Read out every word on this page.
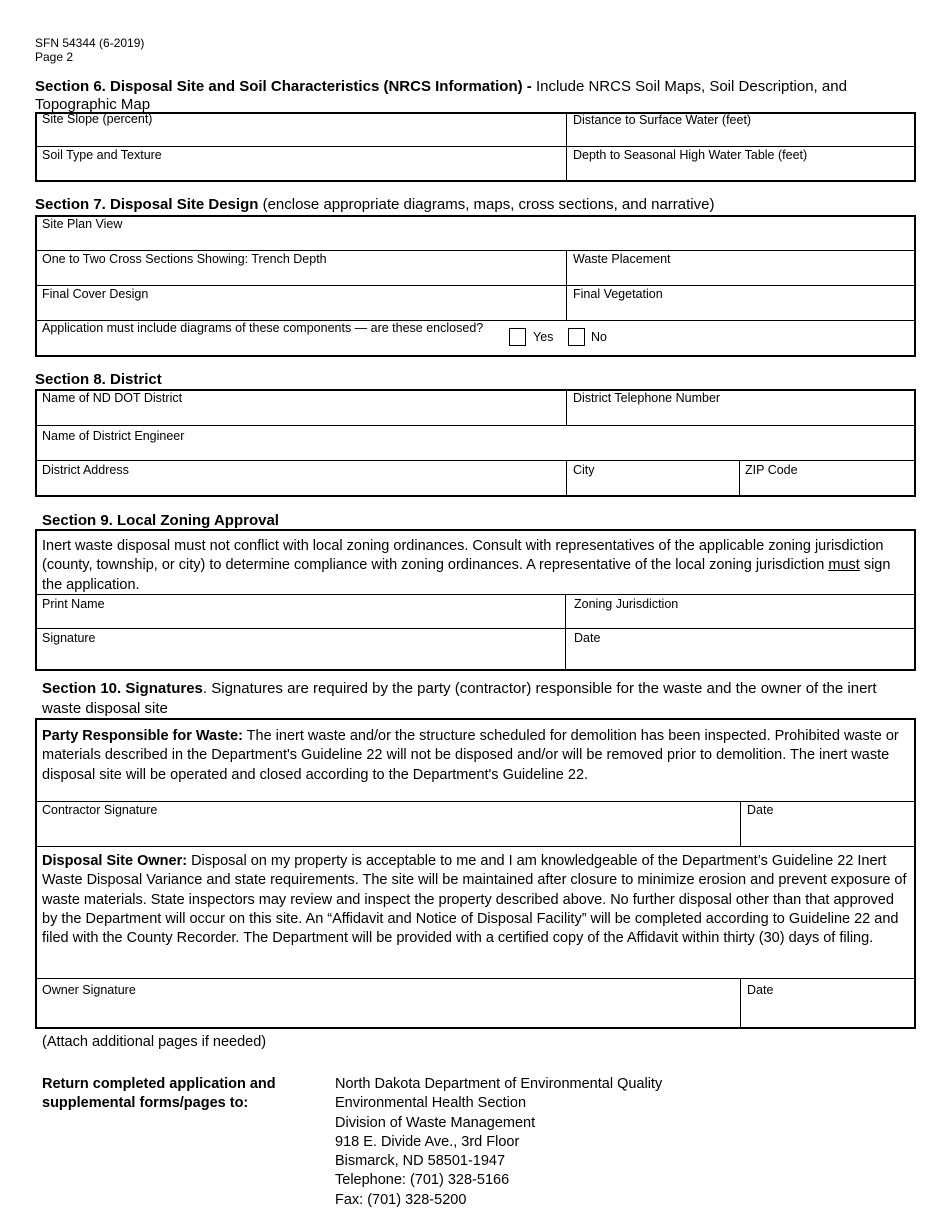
SFN 54344 (6-2019)
Page 2
Section 6. Disposal Site and Soil Characteristics (NRCS Information) - Include NRCS Soil Maps, Soil Description, and Topographic Map
Site Slope (percent)	Distance to Surface Water (feet)
Soil Type and Texture	Depth to Seasonal High Water Table (feet)
Section 7. Disposal Site Design (enclose appropriate diagrams, maps, cross sections, and narrative)
Site Plan View
One to Two Cross Sections Showing: Trench Depth	Waste Placement
Final Cover Design	Final Vegetation
Application must include diagrams of these components — are these enclosed?
Yes	No
Section 8. District
Name of ND DOT District	District Telephone Number
Name of District Engineer
District Address	City	ZIP Code
Section 9. Local Zoning Approval
Inert waste disposal must not conflict with local zoning ordinances. Consult with representatives of the applicable zoning jurisdiction (county, township, or city) to determine compliance with zoning ordinances. A representative of the local zoning jurisdiction must sign the application.
Print Name	Zoning Jurisdiction
Signature	Date
Section 10. Signatures. Signatures are required by the party (contractor) responsible for the waste and the owner of the inert waste disposal site
Party Responsible for Waste: The inert waste and/or the structure scheduled for demolition has been inspected. Prohibited waste or materials described in the Department's Guideline 22 will not be disposed and/or will be removed prior to demolition. The inert waste disposal site will be operated and closed according to the Department's Guideline 22.
Contractor Signature	Date
Disposal Site Owner: Disposal on my property is acceptable to me and I am knowledgeable of the Department’s Guideline 22 Inert Waste Disposal Variance and state requirements. The site will be maintained after closure to minimize erosion and prevent exposure of waste materials. State inspectors may review and inspect the property described above. No further disposal other than that approved by the Department will occur on this site. An “Affidavit and Notice of Disposal Facility” will be completed according to Guideline 22 and filed with the County Recorder. The Department will be provided with a certified copy of the Affidavit within thirty (30) days of filing.
Owner Signature	Date
(Attach additional pages if needed)
Return completed application and
supplemental forms/pages to:
North Dakota Department of Environmental Quality
Environmental Health Section
Division of Waste Management
918 E. Divide Ave., 3rd Floor
Bismarck, ND 58501-1947
Telephone: (701) 328-5166
Fax: (701) 328-5200
